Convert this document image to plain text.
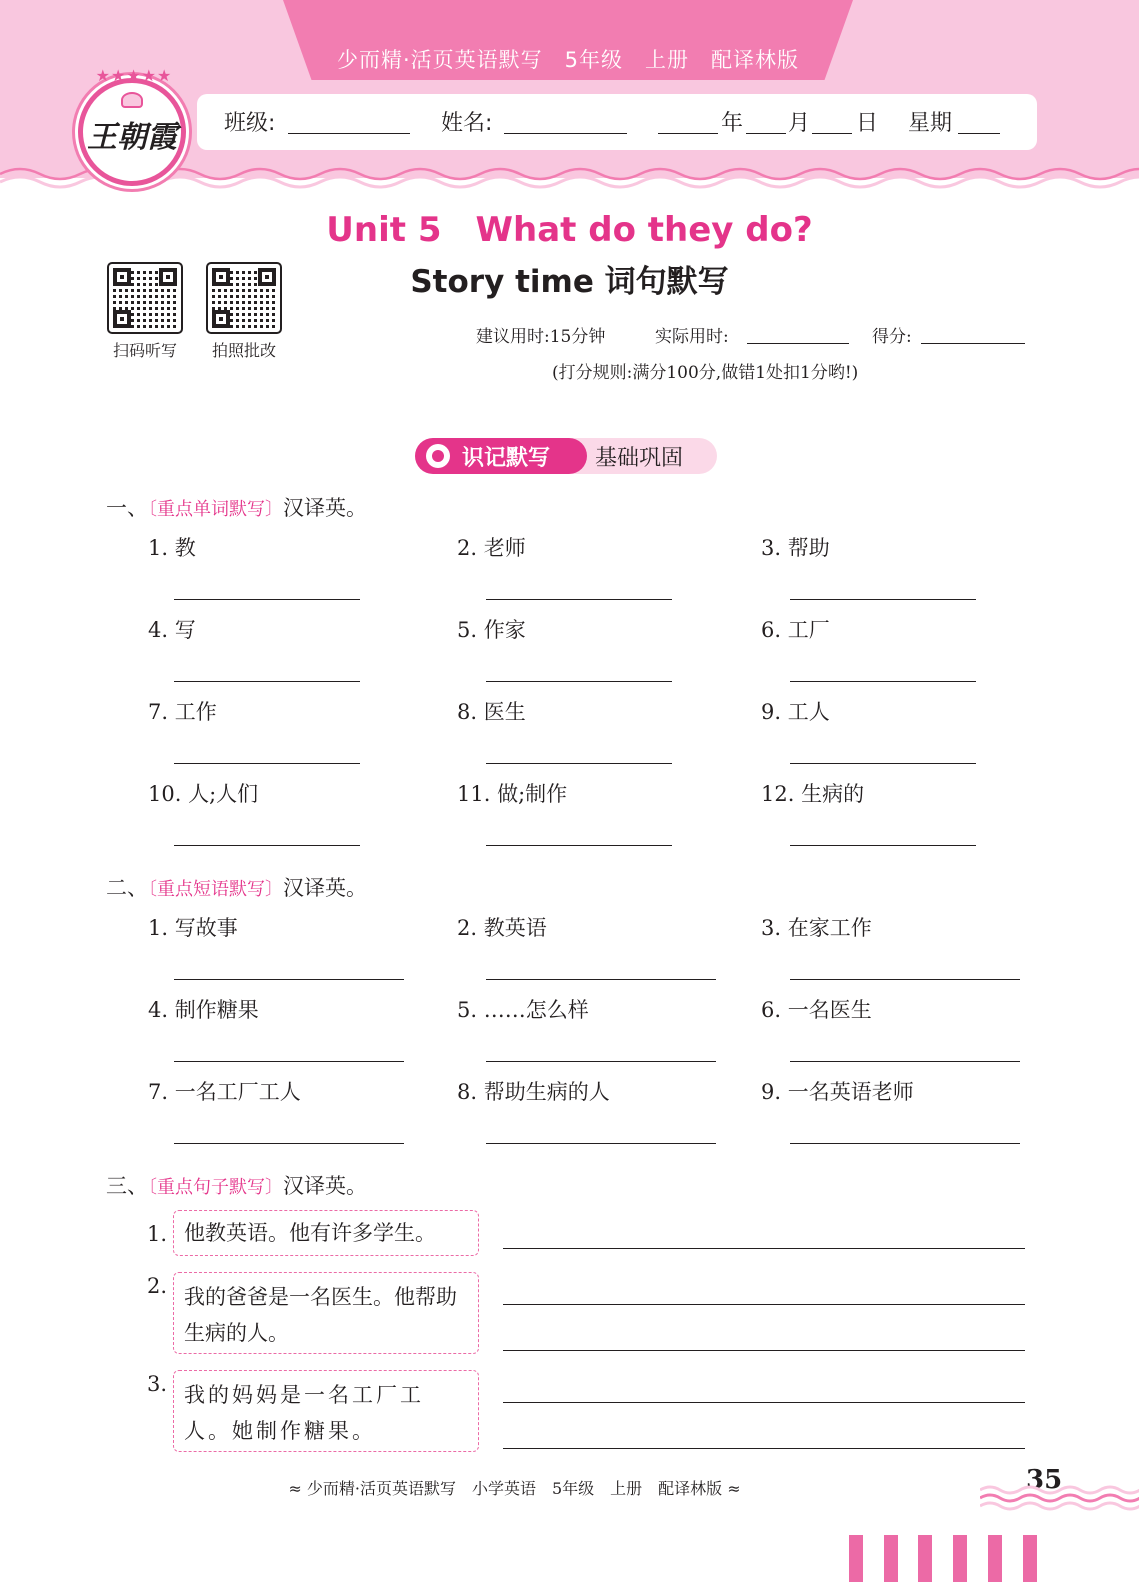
少而精·活页英语默写　5年级　上册　配译林版
班级:	姓名:	年 月 日 星期
★★★★★
王朝霞
Unit 5　What do they do?
Story time 词句默写
扫码听写	拍照批改
建议用时:15分钟	实际用时:	得分:
(打分规则:满分100分,做错1处扣1分哟!)
识记默写 基础巩固
一、〔重点单词默写〕汉译英。
1. 教	2. 老师	3. 帮助
4. 写	5. 作家	6. 工厂
7. 工作	8. 医生	9. 工人
10. 人;人们	11. 做;制作	12. 生病的
二、〔重点短语默写〕汉译英。
1. 写故事	2. 教英语	3. 在家工作
4. 制作糖果	5. ……怎么样	6. 一名医生
7. 一名工厂工人	8. 帮助生病的人	9. 一名英语老师
三、〔重点句子默写〕汉译英。
1. 他教英语。他有许多学生。
2. 我的爸爸是一名医生。他帮助生病的人。
3. 我的妈妈是一名工厂工人。她制作糖果。
≈ 少而精·活页英语默写　小学英语　5年级　上册　配译林版 ≈	35
